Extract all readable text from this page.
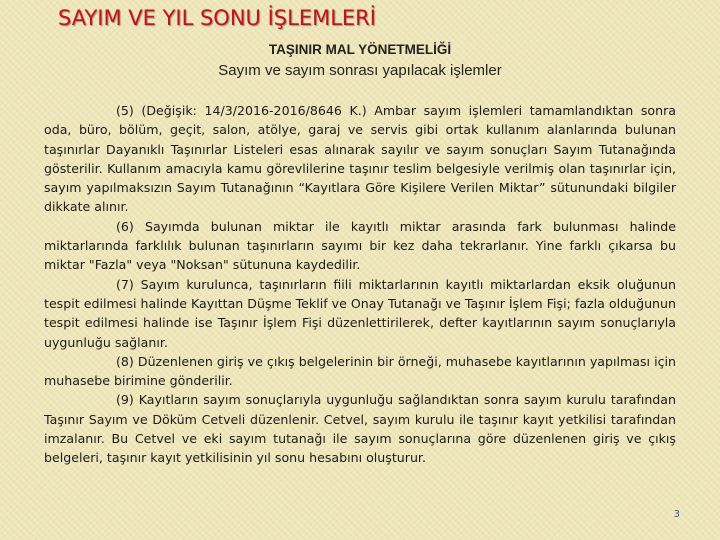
SAYIM VE YIL SONU İŞLEMLERİ
TAŞINIR MAL YÖNETMELİĞİ
Sayım ve sayım sonrası yapılacak işlemler

(5) (Değişik: 14/3/2016-2016/8646 K.) Ambar sayım işlemleri tamamlandıktan sonra oda, büro, bölüm, geçit, salon, atölye, garaj ve servis gibi ortak kullanım alanlarında bulunan taşınırlar Dayanıklı Taşınırlar Listeleri esas alınarak sayılır ve sayım sonuçları Sayım Tutanağında gösterilir. Kullanım amacıyla kamu görevlilerine taşınır teslim belgesiyle verilmiş olan taşınırlar için, sayım yapılmaksızın Sayım Tutanağının “Kayıtlara Göre Kişilere Verilen Miktar” sütunundaki bilgiler dikkate alınır.

(6) Sayımda bulunan miktar ile kayıtlı miktar arasında fark bulunması halinde miktarlarında farklılık bulunan taşınırların sayımı bir kez daha tekrarlanır. Yine farklı çıkarsa bu miktar "Fazla" veya "Noksan" sütununa kaydedilir.

(7) Sayım kurulunca, taşınırların fiili miktarlarının kayıtlı miktarlardan eksik oluğunun tespit edilmesi halinde Kayıttan Düşme Teklif ve Onay Tutanağı ve Taşınır İşlem Fişi; fazla olduğunun tespit edilmesi halinde ise Taşınır İşlem Fişi düzenlettirilerek, defter kayıtlarının sayım sonuçlarıyla uygunluğu sağlanır.

(8) Düzenlenen giriş ve çıkış belgelerinin bir örneği, muhasebe kayıtlarının yapılması için muhasebe birimine gönderilir.

(9) Kayıtların sayım sonuçlarıyla uygunluğu sağlandıktan sonra sayım kurulu tarafından Taşınır Sayım ve Döküm Cetveli düzenlenir. Cetvel, sayım kurulu ile taşınır kayıt yetkilisi tarafından imzalanır. Bu Cetvel ve eki sayım tutanağı ile sayım sonuçlarına göre düzenlenen giriş ve çıkış belgeleri, taşınır kayıt yetkilisinin yıl sonu hesabını oluşturur.

3
